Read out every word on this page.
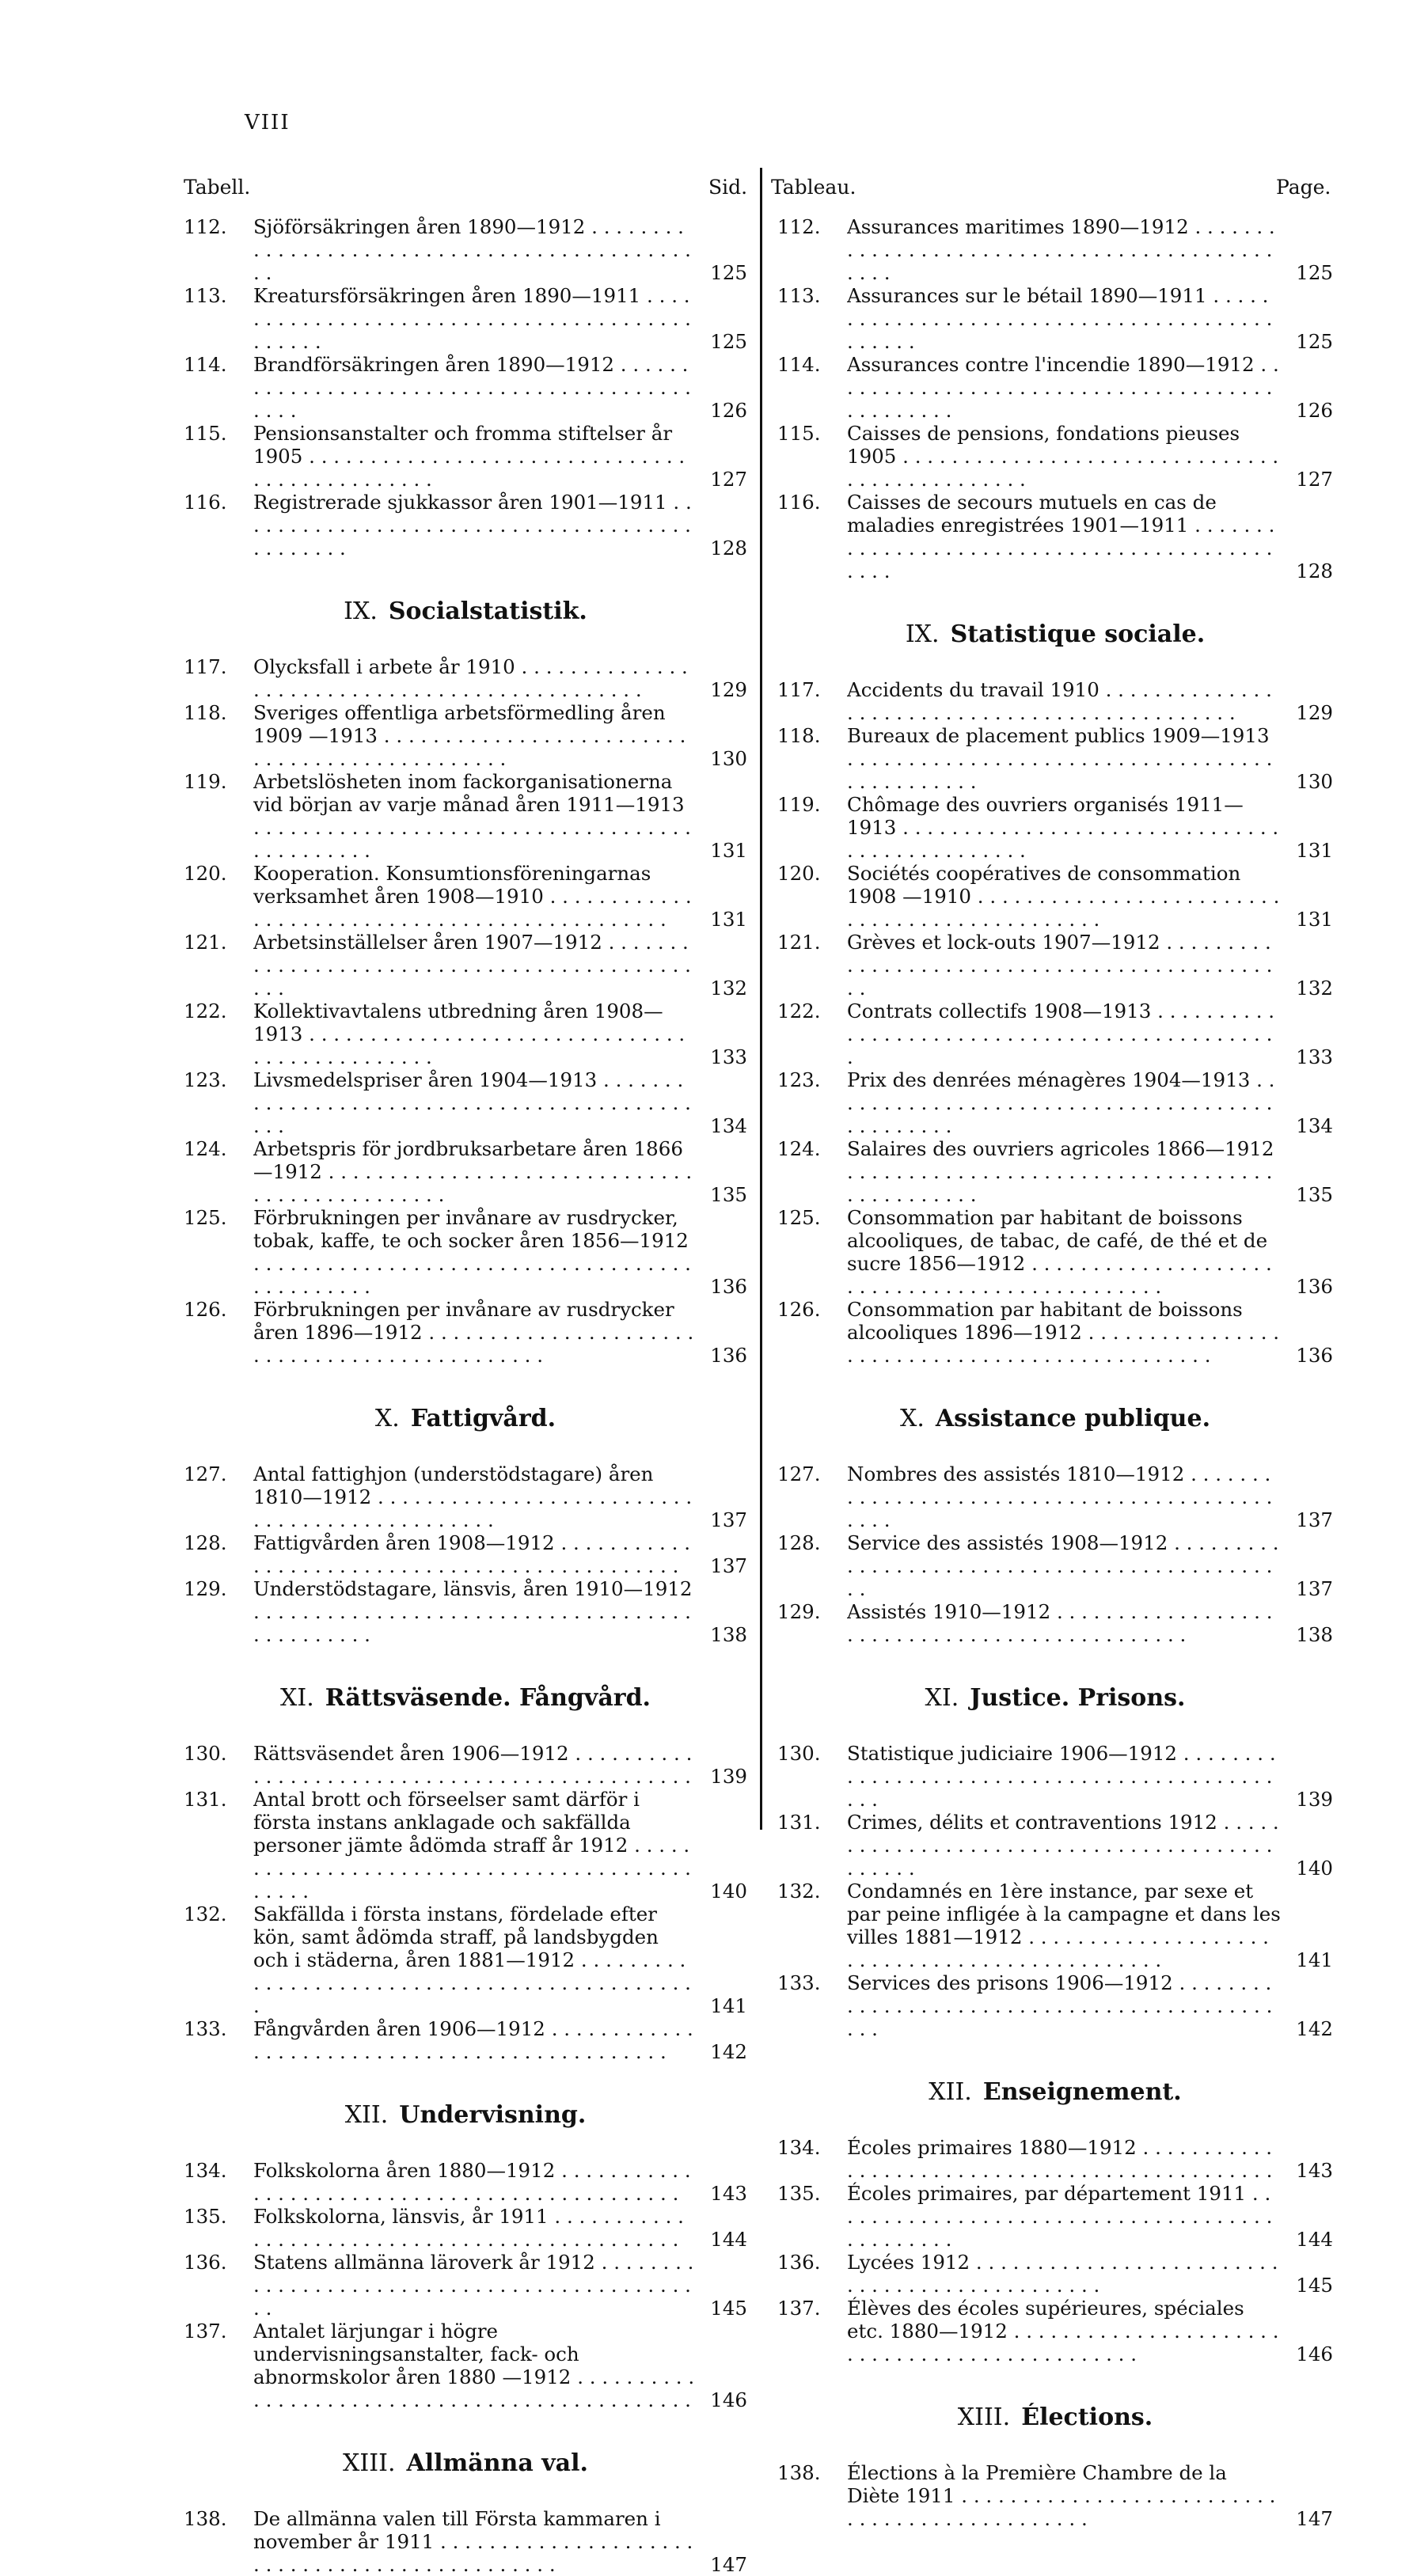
VIII
Tabell.	Sid. Tableau.	Page.
112.	Sjöförsäkringen åren 1890—1912 . . .
125
113.	Kreatursförsäkringen åren 1890—1911 . . .
125
114.	Brandförsäkringen åren 1890—1912 . . .
126
115.	Pensionsanstalter och fromma stiftelser år 1905 . . .
127
116.	Registrerade sjukkassor åren 1901—1911 . . .
128
IX. Socialstatistik.
117.	Olycksfall i arbete år 1910 . . .
129
118.	Sveriges offentliga arbetsförmedling åren 1909 —1913 . . .
130
119.	Arbetslösheten inom fackorganisationerna vid början av varje månad åren 1911—1913 . . .
131
120.	Kooperation. Konsumtionsföreningarnas verksamhet åren 1908—1910 . . .
131
121.	Arbetsinställelser åren 1907—1912 . . .
132
122.	Kollektivavtalens utbredning åren 1908—1913 . . .
133
123.	Livsmedelspriser åren 1904—1913 . . .
134
124.	Arbetspris för jordbruksarbetare åren 1866 —1912 . . .
135
125.	Förbrukningen per invånare av rusdrycker, tobak, kaffe, te och socker åren 1856—1912 . . .
136
126.	Förbrukningen per invånare av rusdrycker åren 1896—1912 . . .
136
X. Fattigvård.
127.	Antal fattighjon (understödstagare) åren 1810—1912 . . .
137
128.	Fattigvården åren 1908—1912 . . .
137
129.	Understödstagare, länsvis, åren 1910—1912 . . .
138
XI. Rättsväsende. Fångvård.
130.	Rättsväsendet åren 1906—1912 . . .
139
131.	Antal brott och förseelser samt därför i första instans anklagade och sakfällda personer jämte ådömda straff år 1912 . . .
140
132.	Sakfällda i första instans, fördelade efter kön, samt ådömda straff, på landsbygden och i städerna, åren 1881—1912 . . .
141
133.	Fångvården åren 1906—1912 . . .
142
XII. Undervisning.
134.	Folkskolorna åren 1880—1912 . . .
143
135.	Folkskolorna, länsvis, år 1911 . . .
144
136.	Statens allmänna läroverk år 1912 . . .
145
137.	Antalet lärjungar i högre undervisningsanstalter, fack- och abnormskolor åren 1880 —1912 . . .
146
XIII. Allmänna val.
138.	De allmänna valen till Första kammaren i november år 1911 . . .
147
112.	Assurances maritimes 1890—1912 . . .
125
113.	Assurances sur le bétail 1890—1911 . . .
125
114.	Assurances contre l'incendie 1890—1912 . . .
126
115.	Caisses de pensions, fondations pieuses 1905 . . .
127
116.	Caisses de secours mutuels en cas de maladies enregistrées 1901—1911 . . .
128
IX. Statistique sociale.
117.	Accidents du travail 1910 . . .
129
118.	Bureaux de placement publics 1909—1913 . . .
130
119.	Chômage des ouvriers organisés 1911—1913 . . .
131
120.	Sociétés coopératives de consommation 1908 —1910 . . .
131
121.	Grèves et lock-outs 1907—1912 . . .
132
122.	Contrats collectifs 1908—1913 . . .
133
123.	Prix des denrées ménagères 1904—1913 . . .
134
124.	Salaires des ouvriers agricoles 1866—1912 . . .
135
125.	Consommation par habitant de boissons alcooliques, de tabac, de café, de thé et de sucre 1856—1912 . . .
136
126.	Consommation par habitant de boissons alcooliques 1896—1912 . . .
136
X. Assistance publique.
127.	Nombres des assistés 1810—1912 . . .
137
128.	Service des assistés 1908—1912 . . .
137
129.	Assistés 1910—1912 . . .
138
XI. Justice. Prisons.
130.	Statistique judiciaire 1906—1912 . . .
139
131.	Crimes, délits et contraventions 1912 . . .
140
132.	Condamnés en 1ère instance, par sexe et par peine infligée à la campagne et dans les villes 1881—1912 . . .
141
133.	Services des prisons 1906—1912 . . .
142
XII. Enseignement.
134.	Écoles primaires 1880—1912 . . .
143
135.	Écoles primaires, par département 1911 . . .
144
136.	Lycées 1912 . . .
145
137.	Élèves des écoles supérieures, spéciales etc. 1880—1912 . . .
146
XIII. Élections.
138.	Élections à la Première Chambre de la Diète 1911 . . .
147
